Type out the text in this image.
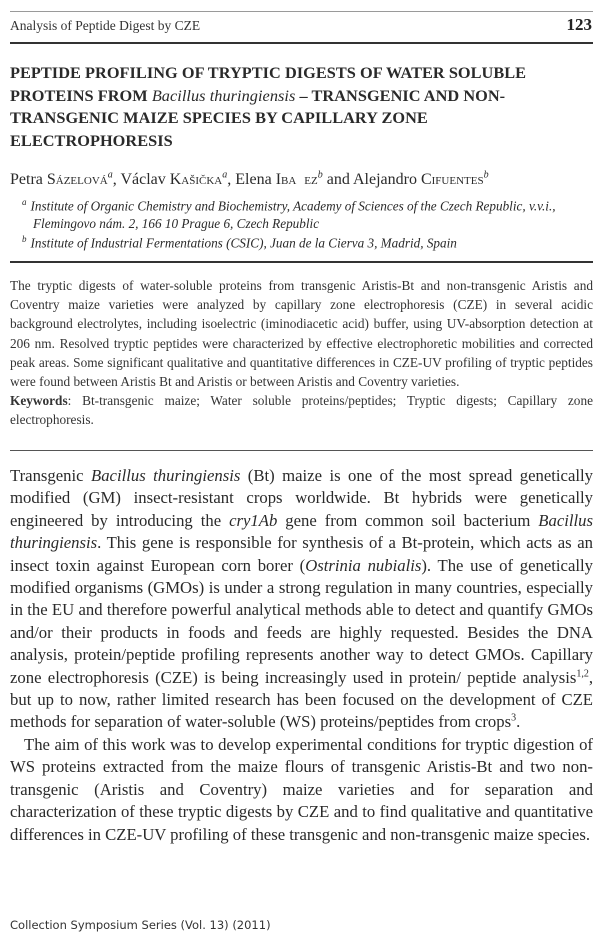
Analysis of Peptide Digest by CZE	123
PEPTIDE PROFILING OF TRYPTIC DIGESTS OF WATER SOLUBLE PROTEINS FROM Bacillus thuringiensis – TRANSGENIC AND NON-TRANSGENIC MAIZE SPECIES BY CAPILLARY ZONE ELECTROPHORESIS
Petra Sázelová$^a$, Václav Kašička$^a$, Elena Iba  $ez^b$ and Alejandro Cifuentes$^b$
$^a$ Institute of Organic Chemistry and Biochemistry, Academy of Sciences of the Czech Republic, v.v.i.,
Flemingovo nám. 2, 166 10 Prague 6, Czech Republic
$^b$ Institute of Industrial Fermentations (CSIC), Juan de la Cierva 3, Madrid, Spain
The tryptic digests of water-soluble proteins from transgenic Aristis-Bt and non-transgenic Aristis and Coventry maize varieties were analyzed by capillary zone electrophoresis (CZE) in several acidic background electrolytes, including isoelectric (iminodiacetic acid) buffer, using UV-absorption detection at 206 nm. Resolved tryptic peptides were characterized by effective electrophoretic mobilities and corrected peak areas. Some significant qualitative and quantitative differences in CZE-UV profiling of tryptic peptides were found between Aristis Bt and Aristis or between Aristis and Coventry varieties.
Keywords: Bt-transgenic maize; Water soluble proteins/peptides; Tryptic digests; Capillary zone electrophoresis.

Transgenic Bacillus thuringiensis (Bt) maize is one of the most spread genetically modified (GM) insect-resistant crops worldwide. Bt hybrids were genetically engineered by introducing the cry1Ab gene from common soil bacterium Bacillus thuringiensis. This gene is responsible for synthesis of a Bt-protein, which acts as an insect toxin against European corn borer (Ostrinia nubialis). The use of genetically modified organisms (GMOs) is under a strong regulation in many countries, especially in the EU and therefore powerful analytical methods able to detect and quantify GMOs and/or their products in foods and feeds are highly requested. Besides the DNA analysis, protein/peptide profiling represents another way to detect GMOs. Capillary zone electrophoresis (CZE) is being increasingly used in protein/ peptide analysis$^{1,2}$, but up to now, rather limited research has been focused on the development of CZE methods for separation of water-soluble (WS) proteins/peptides from crops$^3$.

The aim of this work was to develop experimental conditions for tryptic digestion of WS proteins extracted from the maize flours of transgenic Aristis-Bt and two non-transgenic (Aristis and Coventry) maize varieties and for separation and characterization of these tryptic digests by CZE and to find qualitative and quantitative differences in CZE-UV profiling of these transgenic and non-transgenic maize species.

Collection Symposium Series (Vol. 13) (2011)
